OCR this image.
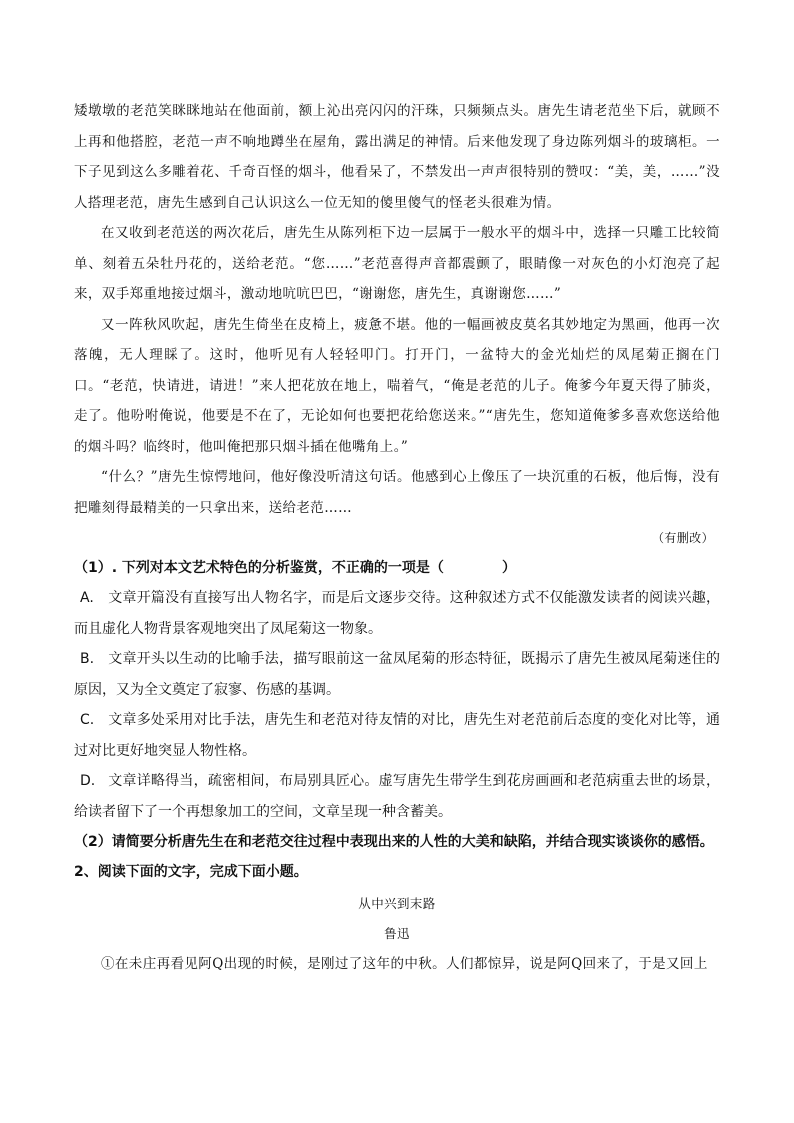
矮墩墩的老范笑眯眯地站在他面前，额上沁出亮闪闪的汗珠，只频频点头。唐先生请老范坐下后，就顾不上再和他搭腔，老范一声不响地蹲坐在屋角，露出满足的神情。后来他发现了身边陈列烟斗的玻璃柜。一下子见到这么多雕着花、千奇百怪的烟斗，他看呆了，不禁发出一声声很特别的赞叹：“美，美，……”没人搭理老范，唐先生感到自己认识这么一位无知的傻里傻气的怪老头很难为情。

在又收到老范送的两次花后，唐先生从陈列柜下边一层属于一般水平的烟斗中，选择一只雕工比较简单、刻着五朵牡丹花的，送给老范。“您……”老范喜得声音都震颤了，眼睛像一对灰色的小灯泡亮了起来，双手郑重地接过烟斗，激动地吭吭巴巴，“谢谢您，唐先生，真谢谢您……”

又一阵秋风吹起，唐先生倚坐在皮椅上，疲惫不堪。他的一幅画被皮莫名其妙地定为黑画，他再一次落魄，无人理睬了。这时，他听见有人轻轻叩门。打开门，一盆特大的金光灿烂的凤尾菊正搁在门口。“老范，快请进，请进！”来人把花放在地上，喘着气，“俺是老范的儿子。俺爹今年夏天得了肺炎，走了。他吩咐俺说，他要是不在了，无论如何也要把花给您送来。”“唐先生，您知道俺爹多喜欢您送给他的烟斗吗？临终时，他叫俺把那只烟斗插在他嘴角上。”

“什么？”唐先生惊愕地问，他好像没听清这句话。他感到心上像压了一块沉重的石板，他后悔，没有把雕刻得最精美的一只拿出来，送给老范……

（有删改）

（1）. 下列对本文艺术特色的分析鉴赏，不正确的一项是（	）

A. 文章开篇没有直接写出人物名字，而是后文逐步交待。这种叙述方式不仅能激发读者的阅读兴趣，而且虚化人物背景客观地突出了凤尾菊这一物象。

B. 文章开头以生动的比喻手法，描写眼前这一盆凤尾菊的形态特征，既揭示了唐先生被凤尾菊迷住的原因，又为全文奠定了寂寥、伤感的基调。

C. 文章多处采用对比手法，唐先生和老范对待友情的对比，唐先生对老范前后态度的变化对比等，通过对比更好地突显人物性格。

D. 文章详略得当，疏密相间，布局别具匠心。虚写唐先生带学生到花房画画和老范病重去世的场景，给读者留下了一个再想象加工的空间，文章呈现一种含蓄美。

（2）请简要分析唐先生在和老范交往过程中表现出来的人性的大美和缺陷，并结合现实谈谈你的感悟。

2、阅读下面的文字，完成下面小题。

从中兴到末路

鲁迅

①在未庄再看见阿Q出现的时候，是刚过了这年的中秋。人们都惊异，说是阿Q回来了，于是又回上
